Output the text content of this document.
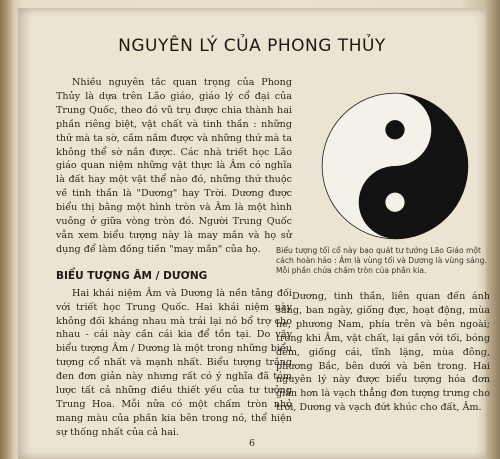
NGUYÊN LÝ CỦA PHONG THỦY

Nhiều nguyên tắc quan trọng của Phong Thủy là dựa trên Lão giáo, giáo lý cổ đại của Trung Quốc, theo đó vũ trụ được chia thành hai phần riêng biệt, vật chất và tinh thần : những thứ mà ta sờ, cầm nắm được và những thứ mà ta không thể sờ nắn được. Các nhà triết học Lão giáo quan niệm những vật thực là Âm có nghĩa là đất hay một vật thể nào đó, những thứ thuộc về tinh thần là "Dương" hay Trời. Dương được biểu thị bằng một hình tròn và Âm là một hình vuông ở giữa vòng tròn đó. Người Trung Quốc vẫn xem biểu tượng này là may mắn và họ sử dụng để làm đồng tiền "may mắn" của họ.

BIỂU TƯỢNG ÂM / DƯƠNG

Hai khái niệm Âm và Dương là nền tảng đối với triết học Trung Quốc. Hai khái niệm này không đối kháng nhau mà trái lại nó bổ trợ cho nhau - cái này cần cái kia để tồn tại. Do vậy biểu tượng Âm / Dương là một trong những biểu tượng cổ nhất và mạnh nhất. Biểu tượng trắng đen đơn giản này nhưng rất có ý nghĩa đã tóm lược tất cả những điều thiết yếu của tư tưởng Trung Hoa. Mỗi nửa có một chấm tròn nhỏ mang màu của phần kia bên trong nó, thể hiện sự thống nhất của cả hai.

Biểu tượng tối cổ này bao quát tư tưởng Lão Giáo một cách hoàn hảo : Âm là vùng tối và Dương là vùng sáng. Mỗi phần chứa chấm tròn của phần kia.

Dương, tinh thần, liên quan đến ánh sáng, ban ngày, giống đực, hoạt động, mùa hè, phương Nam, phía trên và bên ngoài; trong khi Âm, vật chất, lại gắn với tối, bóng đêm, giống cái, tĩnh lặng, mùa đông, phương Bắc, bên dưới và bên trong. Hai nguyên lý này được biểu tượng hóa đơn giản hơn là vạch thẳng đơn tượng trưng cho trời, Dương và vạch đứt khúc cho đất, Âm.

6
